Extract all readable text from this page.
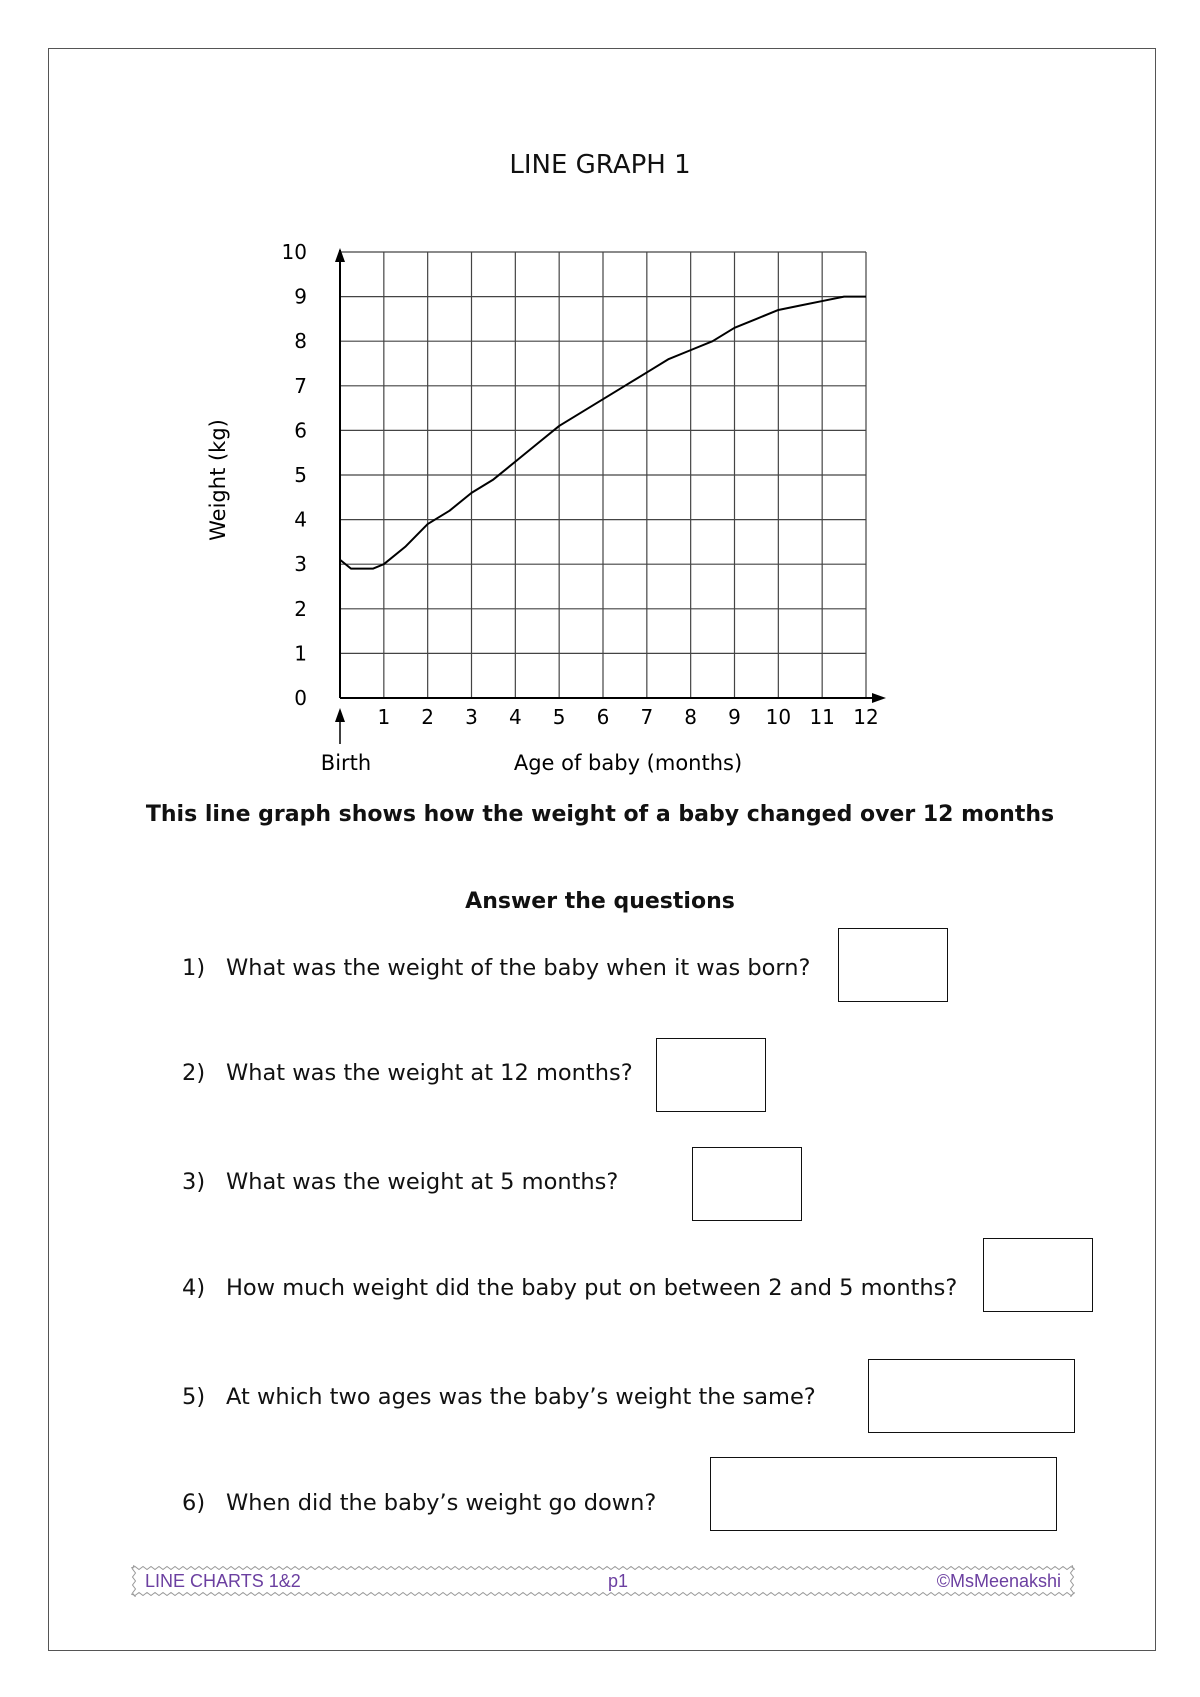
LINE GRAPH 1
1 2 3 4 5 6 7 8 9 10 11 12
0
1
2
3
4
5
6
7
8
9
10
Age of baby (months)
Birth
Weight (kg)
This line graph shows how the weight of a baby changed over 12 months
Answer the questions
1) What was the weight of the baby when it was born?
2) What was the weight at 12 months?
3) What was the weight at 5 months?
4) How much weight did the baby put on between 2 and 5 months?
5) At which two ages was the baby’s weight the same?
6) When did the baby’s weight go down?
LINE CHARTS 1&2	p1	©MsMeenakshi
